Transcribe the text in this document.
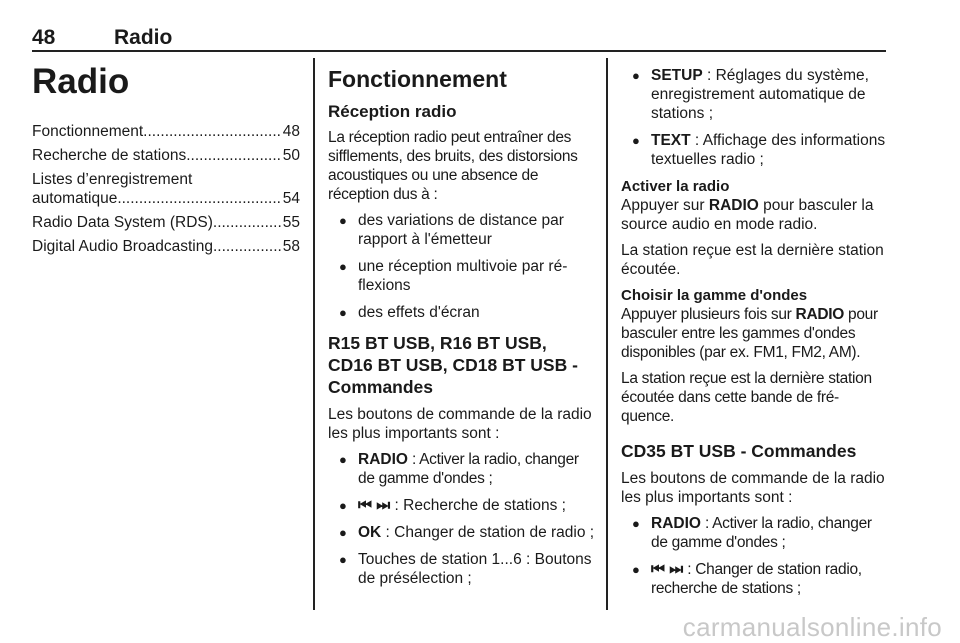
48	Radio
Radio
Fonctionnement .....	48
Recherche de stations .....	50
Listes d’enregistrement
automatique .....	54
Radio Data System (RDS) .....	55
Digital Audio Broadcasting .....	58
Fonctionnement
Réception radio

La réception radio peut entraîner des sifflements, des bruits, des distorsions acoustiques ou une absence de réception dus à :

● des variations de distance par rapport à l'émetteur
● une réception multivoie par réflexions
● des effets d'écran
R15 BT USB, R16 BT USB, CD16 BT USB, CD18 BT USB - Commandes

Les boutons de commande de la radio les plus importants sont :

● RADIO : Activer la radio, changer de gamme d'ondes ;
● ⏮ ⏭ : Recherche de stations ;
● OK : Changer de station de radio ;
● Touches de station 1...6 : Boutons de présélection ;
● SETUP : Réglages du système, enregistrement automatique de stations ;
● TEXT : Affichage des informations textuelles radio ;
Activer la radio

Appuyer sur RADIO pour basculer la source audio en mode radio.

La station reçue est la dernière station écoutée.

Choisir la gamme d'ondes

Appuyer plusieurs fois sur RADIO pour basculer entre les gammes d'ondes disponibles (par ex. FM1, FM2, AM).

La station reçue est la dernière station écoutée dans cette bande de fréquence.

CD35 BT USB - Commandes

Les boutons de commande de la radio les plus importants sont :

● RADIO : Activer la radio, changer de gamme d'ondes ;
● ⏮ ⏭ : Changer de station radio, recherche de stations ;
carmanualsonline.info
